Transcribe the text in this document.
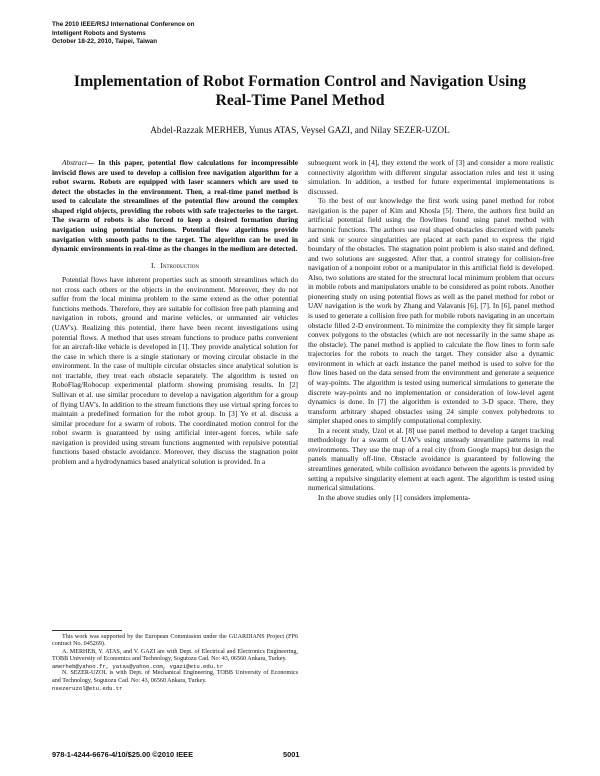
The 2010 IEEE/RSJ International Conference on
Intelligent Robots and Systems
October 18-22, 2010, Taipei, Taiwan
Implementation of Robot Formation Control and Navigation Using
Real-Time Panel Method
Abdel-Razzak MERHEB, Yunus ATAS, Veysel GAZI, and Nilay SEZER-UZOL

Abstract— In this paper, potential flow calculations for incompressible inviscid flows are used to develop a collision free navigation algorithm for a robot swarm. Robots are equipped with laser scanners which are used to detect the obstacles in the environment. Then, a real-time panel method is used to calculate the streamlines of the potential flow around the complex shaped rigid objects, providing the robots with safe trajectories to the target. The swarm of robots is also forced to keep a desired formation during navigation using potential functions. Potential flow algorithms provide navigation with smooth paths to the target. The algorithm can be used in dynamic environments in real-time as the changes in the medium are detected.

I. Introduction

Potential flows have inherent properties such as smooth streamlines which do not cross each others or the objects in the environment. Moreover, they do not suffer from the local minima problem to the same extend as the other potential functions methods. Therefore, they are suitable for collision free path planning and navigation in robots, ground and marine vehicles, or unmanned air vehicles (UAV's). Realizing this potential, there have been recent investigations using potential flows. A method that uses stream functions to produce paths convenient for an aircraft-like vehicle is developed in [1]. They provide analytical solution for the case in which there is a single stationary or moving circular obstacle in the environment. In the case of multiple circular obstacles since analytical solution is not tractable, they treat each obstacle separately. The algorithm is tested on RoboFlag/Robocup experimental platform showing promising results. In [2] Sullivan et al. use similar procedure to develop a navigation algorithm for a group of flying UAV's. In addition to the stream functions they use virtual spring forces to maintain a predefined formation for the robot group. In [3] Ye et al. discuss a similar procedure for a swarm of robots. The coordinated motion control for the robot swarm is guaranteed by using artificial inter-agent forces, while safe navigation is provided using stream functions augmented with repulsive potential functions based obstacle avoidance. Moreover, they discuss the stagnation point problem and a hydrodynamics based analytical solution is provided. In a

This work was supported by the European Commission under the GUARDIANS Project (FP6 contract No. 045269).

A. MERHEB, Y. ATAS, and V. GAZI are with Dept. of Electrical and Electronics Engineering, TOBB University of Economics and Technology, Sogutozu Cad. No: 43, 06560 Ankara, Turkey.

amerheb@yahoo.fr, yatas@yahoo.com, vgazi@etu.edu.tr

N. SEZER-UZOL is with Dept. of Mechanical Engineering, TOBB University of Economics and Technology, Sogutozu Cad. No: 43, 06560 Ankara, Turkey.

nsezeruzol@etu.edu.tr

subsequent work in [4], they extend the work of [3] and consider a more realistic connectivity algorithm with different singular association rules and test it using simulation. In addition, a testbed for future experimental implementations is discussed.

To the best of our knowledge the first work using panel method for robot navigation is the paper of Kim and Khosla [5]. There, the authors first build an artificial potential field using the flowlines found using panel method with harmonic functions. The authors use real shaped obstacles discretized with panels and sink or source singularities are placed at each panel to express the rigid boundary of the obstacles. The stagnation point problem is also stated and defined, and two solutions are suggested. After that, a control strategy for collision-free navigation of a nonpoint robot or a manipulator in this artificial field is developed. Also, two solutions are stated for the structural local minimum problem that occurs in mobile robots and manipulators unable to be considered as point robots. Another pioneering study on using potential flows as well as the panel method for robot or UAV navigation is the work by Zhang and Valavanis [6], [7]. In [6], panel method is used to generate a collision free path for mobile robots navigating in an uncertain obstacle filled 2-D environment. To minimize the complexity they fit simple larger convex polygons to the obstacles (which are not necessarily in the same shape as the obstacle). The panel method is applied to calculate the flow lines to form safe trajectories for the robots to reach the target. They consider also a dynamic environment in which at each instance the panel method is used to solve for the flow lines based on the data sensed from the environment and generate a sequence of way-points. The algorithm is tested using numerical simulations to generate the discrete way-points and no implementation or consideration of low-level agent dynamics is done. In [7] the algorithm is extended to 3-D space. There, they transform arbitrary shaped obstacles using 24 simple convex polyhedrons to simpler shaped ones to simplify computational complexity.

In a recent study, Uzol et al. [8] use panel method to develop a target tracking methodology for a swarm of UAV's using unsteady streamline patterns in real environments. They use the map of a real city (from Google maps) but design the panels manually off-line. Obstacle avoidance is guaranteed by following the streamlines generated, while collision avoidance between the agents is provided by setting a repulsive singularity element at each agent. The algorithm is tested using numerical simulations.

In the above studies only [1] considers implementa-

978-1-4244-6676-4/10/$25.00 ©2010 IEEE	5001
